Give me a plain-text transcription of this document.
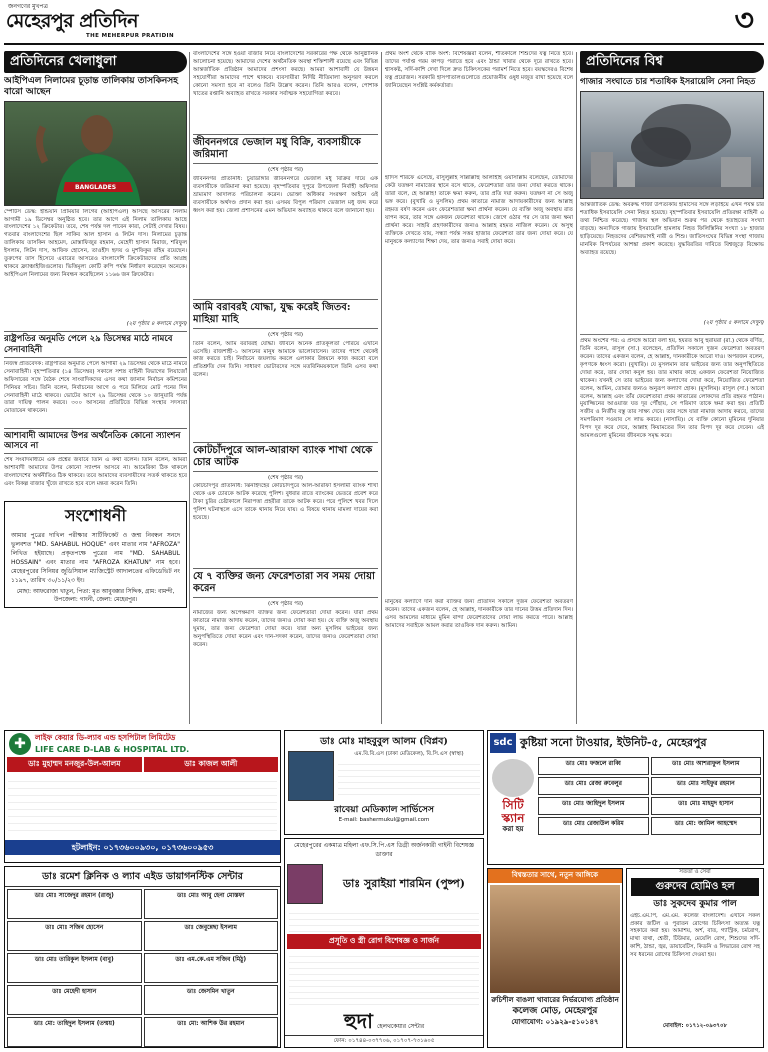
জনগণের মুখপত্র
মেহেরপুর প্রতিদিন
THE MEHERPUR PRATIDIN	৩
প্রতিদিনের খেলাধুলা
আইপিএল নিলামের চূড়ান্ত তালিকায় তাসকিনসহ বারো আছেন
BANGLADES
স্পোর্টস ডেস্ক: ইন্ডিয়ান প্রিমিয়ার লিগের (আইপিএল) আসছে আসরের নিলাম আগামী ১৯ ডিসেম্বর অনুষ্ঠিত হবে। তার আগে এই নিলাম তালিকায় আছে বাংলাদেশের ১২ ক্রিকেটার। তবে, শেষ পর্যন্ত দল পাবেন কারা, সেটাই দেখার বিষয়। গতবার বাংলাদেশের ছিল সাকিব আল হাসান ও লিটন দাস। নিলামের চূড়ান্ত তালিকায় তাসকিন আহমেদ, মোস্তাফিজুর রহমান, মেহেদী হাসান মিরাজ, শরিফুল ইসলাম, লিটন দাস, আফিফ হোসেন, তাওহীদ হৃদয় ও মুশফিকুর রহিম রয়েছেন। তুরুপের তাস হিসেবে এবারের আসরেও বাংলাদেশি ক্রিকেটারদের প্রতি আগ্রহ থাকবে ফ্র্যাঞ্চাইজিগুলোর। ভিত্তিমূল্য কোটি রুপি পর্যন্ত নির্ধারণ করেছেন অনেকে। আইপিএল নিলামের জন্য নিবন্ধন করেছিলেন ১১৬৬ জন ক্রিকেটার।
(২য় পৃষ্ঠার ৪ কলামে দেখুন)
রাষ্ট্রপতির অনুমতি পেলে ২৯ ডিসেম্বর মাঠে নামবে সেনাবাহিনী
নিজস্ব প্রতিবেদক: রাষ্ট্রপতির অনুমতি পেলে আগামী ২৯ ডিসেম্বর থেকে মাঠে নামবে সেনাবাহিনী। বৃহস্পতিবার (১৪ ডিসেম্বর) সকালে সশস্ত্র বাহিনী বিভাগের লিয়াজোঁ অফিসারের সঙ্গে বৈঠক শেষে সাংবাদিকদের এসব কথা জানান নির্বাচন কমিশনের সিনিয়র সচিব। তিনি বলেন, নির্বাচনের আগে ও পরে মিলিয়ে মোট পনের দিন সেনাবাহিনী মাঠে থাকবে। ভোটের আগে ২৯ ডিসেম্বর থেকে ১০ জানুয়ারি পর্যন্ত তারা দায়িত্ব পালন করবে। ৩০০ আসনের প্রতিটিতে বিভিন্ন সংস্থার সদস্যরা মোতায়েন থাকবেন।
আশাবাদী আমাদের উপর অর্থনৈতিক কোনো স্যাংশন আসবে না
শেষ সংবাদমাধ্যমে এক প্রশ্নের জবাবে তিনি এ কথা বলেন। তিনি বলেন, আমরা আশাবাদী আমাদের উপর কোনো স্যাংশন আসবে না। আমেরিকা ঠিক থাকলে বাংলাদেশের অর্থনীতিও ঠিক থাকবে। তবে আমাদের ব্যবসায়ীদের সতর্ক থাকতে হবে এবং বিকল্প বাজার খুঁজে রাখতে হবে বলে মন্তব্য করেন তিনি।
সংশোধনী
আমার পুত্রের দাখিল পরীক্ষার সার্টিফিকেট ও জন্ম নিবন্ধন সনদে ভুলবশত "MD. SAHABUL HOQUE" এবং মাতার নাম "AFROZA" লিখিত হইয়াছে। প্রকৃতপক্ষে পুত্রের নাম "MD. SAHABUL HOSSAIN" এবং মাতার নাম "AFROZA KHATUN" নাম হবে। মেহেরপুরের সিনিয়র জুডিসিয়াল ম্যাজিস্ট্রেট আদালতের এফিডেভিট নং ১১৯৭, তারিখ ৩০/১১/২৩ ইং।
মোছা: আফরোজা খাতুন, পিতা: মৃত আবুবক্কার সিদ্দিক, গ্রাম: বামন্দী, উপজেলা: গাংনী, জেলা: মেহেরপুর।
বাংলাদেশের সঙ্গে হওয়া বাজার নিয়ে বাংলাদেশের সরকারের পক্ষ থেকে আনুষ্ঠানিক আলোচনা হয়েছে। আমাদের দেশের অর্থনৈতিক অবস্থা শক্তিশালী রয়েছে এবং বিভিন্ন আন্তর্জাতিক প্রতিষ্ঠান আমাদের প্রশংসা করছে। আমরা আশাবাদী যে উন্নয়ন সহযোগীরা আমাদের পাশে থাকবে। ব্যবসায়ীরা নির্দিষ্ট নীতিমালা অনুসরণ করলে কোনো সমস্যা হবে না বলেও তিনি উল্লেখ করেন। তিনি আরও বলেন, পোশাক খাতের রপ্তানি অব্যাহত রাখতে সরকার সর্বাত্মক সহযোগিতা করবে।
জীবননগরে ভেজাল মধু বিক্রি, ব্যবসায়ীকে জরিমানা
(শেষ পৃষ্ঠার পর)
জীবননগর প্রতিনিধি: চুয়াডাঙ্গার জীবননগরে ভেজাল মধু বিক্রির দায়ে এক ব্যবসায়ীকে জরিমানা করা হয়েছে। বৃহস্পতিবার দুপুরে উপজেলা নির্বাহী অফিসার ভ্রাম্যমাণ আদালত পরিচালনা করেন। ভোক্তা অধিকার সংরক্ষণ আইনে ওই ব্যবসায়ীকে অর্থদণ্ড প্রদান করা হয়। এসময় বিপুল পরিমাণ ভেজাল মধু জব্দ করে ধ্বংস করা হয়। জেলা প্রশাসনের এমন অভিযান অব্যাহত থাকবে বলে জানানো হয়।
আমি বরাবরই যোদ্ধা, যুদ্ধ করেই জিতব: মাহিয়া মাহি
(শেষ পৃষ্ঠার পর)
তিনি বলেন, আমি বরাবরই যোদ্ধা। জীবনে অনেক প্রতিকূলতা পেরিয়ে এখানে এসেছি। রাজশাহী-১ আসনের মানুষ আমাকে ভালোবাসেন। তাদের পাশে থেকেই কাজ করতে চাই। নির্বাচনে জয়লাভ করলে এলাকার উন্নয়নে কাজ করবো বলে প্রতিশ্রুতি দেন তিনি। সাধারণ ভোটারদের সঙ্গে মতবিনিময়কালে তিনি এসব কথা বলেন।
কোটচাঁদপুরে আল-আরাফা ব্যাংক শাখা থেকে চোর আটক
(শেষ পৃষ্ঠার পর)
কোটচাঁদপুর প্রতিনিধি: ঝিনাইদহের কোটচাঁদপুরে আল-আরাফা ইসলামী ব্যাংক শাখা থেকে এক চোরকে আটক করেছে পুলিশ। বুধবার রাতে ব্যাংকের ভেতরে প্রবেশ করে টাকা চুরির চেষ্টাকালে নিরাপত্তা প্রহরীরা তাকে আটক করে। পরে পুলিশে খবর দিলে পুলিশ ঘটনাস্থলে এসে তাকে থানায় নিয়ে যায়। এ বিষয়ে থানায় মামলা দায়ের করা হয়েছে।
যে ৭ ব্যক্তির জন্য ফেরেশতারা সব সময় দোয়া করেন
(শেষ পৃষ্ঠার পর)
নামাজের জন্য অপেক্ষমাণ ব্যক্তির জন্য ফেরেশতারা দোয়া করেন। যারা প্রথম কাতারে নামাজ আদায় করেন, তাদের জন্যও দোয়া করা হয়। যে ব্যক্তি অজু অবস্থায় ঘুমায়, তার জন্য ফেরেশতা দোয়া করে। যারা অন্য মুসলিম ভাইয়ের জন্য অনুপস্থিতিতে দোয়া করেন এবং দান-সদকা করেন, তাদের জন্যও ফেরেশতারা দোয়া করেন।
প্রথম অংশ থেকে বাকি অংশ: বিশেষজ্ঞরা বলেন, শীতকালে শিশুদের যত্ন নিতে হবে। তাদের পর্যাপ্ত গরম কাপড় পরাতে হবে এবং ঠান্ডা খাবার থেকে দূরে রাখতে হবে। শ্বাসকষ্ট, সর্দি-কাশি দেখা দিলে দ্রুত চিকিৎসকের পরামর্শ নিতে হবে। বয়স্কদেরও বিশেষ যত্ন প্রয়োজন। সরকারি হাসপাতালগুলোতে প্রয়োজনীয় ওষুধ মজুত রাখা হয়েছে বলে জানিয়েছেন সংশ্লিষ্ট কর্মকর্তারা।
হাদিস শরিফে এসেছে, রাসুলুল্লাহ সাল্লাল্লাহু আলাইহি ওয়াসাল্লাম বলেছেন, তোমাদের কেউ যতক্ষণ নামাজের স্থানে বসে থাকে, ফেরেশতারা তার জন্য দোয়া করতে থাকে। তারা বলে, হে আল্লাহ! তাকে ক্ষমা করুন, তার প্রতি দয়া করুন। যতক্ষণ না সে অজু ভঙ্গ করে। (বুখারি ও মুসলিম) প্রথম কাতারে নামাজ আদায়কারীদের জন্য আল্লাহ রহমত বর্ষণ করেন এবং ফেরেশতারা ক্ষমা প্রার্থনা করেন। যে ব্যক্তি অজু অবস্থায় রাত যাপন করে, তার সঙ্গে একজন ফেরেশতা থাকে। জেগে ওঠার পর সে তার জন্য ক্ষমা প্রার্থনা করে। সাহরি গ্রহণকারীদের জন্যও আল্লাহ রহমত নাজিল করেন। যে অসুস্থ ব্যক্তিকে দেখতে যায়, সন্ধ্যা পর্যন্ত সত্তর হাজার ফেরেশতা তার জন্য দোয়া করে। যে মানুষকে কল্যাণের শিক্ষা দেয়, তার জন্যও সবাই দোয়া করে।
মানুষের কল্যাণে দান করা ব্যক্তির জন্য প্রতিদিন সকালে দুজন ফেরেশতা অবতরণ করেন। তাদের একজন বলেন, হে আল্লাহ, দানকারীকে তার দানের উত্তম প্রতিদান দিন। এসব আমলের মাধ্যমে মুমিন বান্দা ফেরেশতাদের দোয়া লাভ করতে পারে। আল্লাহ আমাদের সবাইকে আমল করার তাওফিক দান করুন। আমিন।
প্রতিদিনের বিশ্ব
গাজার সংঘাতে চার শতাধিক ইসরায়েলি সেনা নিহত
আন্তর্জাতিক ডেস্ক: অবরুদ্ধ গাজা উপত্যকায় হামাসের সঙ্গে লড়াইয়ে এখন পর্যন্ত চার শতাধিক ইসরায়েলি সেনা নিহত হয়েছে। বৃহস্পতিবার ইসরায়েলি প্রতিরক্ষা বাহিনী এ তথ্য নিশ্চিত করেছে। গাজায় স্থল অভিযান শুরুর পর থেকে হতাহতের সংখ্যা বাড়ছে। অন্যদিকে গাজায় ইসরায়েলি হামলায় নিহত ফিলিস্তিনির সংখ্যা ১৮ হাজার ছাড়িয়েছে। নিহতদের বেশিরভাগই নারী ও শিশু। জাতিসংঘের বিভিন্ন সংস্থা গাজায় মানবিক বিপর্যয়ের আশঙ্কা প্রকাশ করেছে। যুদ্ধবিরতির দাবিতে বিশ্বজুড়ে বিক্ষোভ অব্যাহত রয়েছে।
(২য় পৃষ্ঠার ৫ কলামে দেখুন)
প্রথম অংশের পর: এ প্রসঙ্গে আরো বলা হয়, হযরত আবু হুরায়রা (রা.) থেকে বর্ণিত, তিনি বলেন, রাসুল (সা.) বলেছেন, প্রতিদিন সকালে দুজন ফেরেশতা অবতরণ করেন। তাদের একজন বলেন, হে আল্লাহ, দানকারীকে আরো দাও। অপরজন বলেন, কৃপণকে ধ্বংস করো। (বুখারি)। যে মুসলমান তার ভাইয়ের জন্য তার অনুপস্থিতিতে দোয়া করে, তার দোয়া কবুল হয়। তার মাথার কাছে একজন ফেরেশতা নিয়োজিত থাকেন। যখনই সে তার ভাইয়ের জন্য কল্যাণের দোয়া করে, নিয়োজিত ফেরেশতা বলেন, আমিন, তোমার জন্যও অনুরূপ কল্যাণ হোক। (মুসলিম)। রাসুল (সা.) আরো বলেন, আল্লাহ এবং তাঁর ফেরেশতারা প্রথম কাতারের লোকদের প্রতি রহমত পাঠান। মুয়াজ্জিনের আওয়াজ যত দূর পৌঁছায়, সে পরিমাণ তাকে ক্ষমা করা হয়। প্রতিটি সজীব ও নির্জীব বস্তু তার সাক্ষ্য দেবে। তার সঙ্গে যারা নামাজ আদায় করবে, তাদের সমপরিমাণ সওয়াব সে লাভ করবে। (নাসায়ি)। যে ব্যক্তি কোনো মুমিনের দুনিয়ার বিপদ দূর করে দেবে, আল্লাহ কিয়ামতের দিন তার বিপদ দূর করে দেবেন। এই আমলগুলো মুমিনের জীবনকে সমৃদ্ধ করে।
✚	লাইফ কেয়ার ডি-ল্যাব এন্ড হসপিটাল লিমিটেড
LIFE CARE D-LAB & HOSPITAL LTD.
ডাঃ মুহাম্মদ মনজুর-উল-আলম	ডাঃ কাজল আলী
হটলাইন: ০১৭৩৬০০৯৩০, ০১৭৩৬০০৯৫৩
ডাঃ মোঃ মাহবুবুল আলম (বিপ্লব)
এম.বি.বি.এস (ঢাকা মেডিকেল), বি.সি.এস (স্বাস্থ্য)
রাবেয়া মেডিক্যাল সার্ভিসেস
E-mail: bashermukul@gmail.com
sdc কুষ্টিয়া সনো টাওয়ার, ইউনিট-৫, মেহেরপুর
সিটি স্ক্যান
করা হয়
ডাঃ মোঃ ফজলে রাব্বি	ডাঃ মোঃ আশরাফুল ইসলাম
ডাঃ মোঃ রেজা রুবেলুর	ডাঃ মোঃ সাইফুর রহমান
ডাঃ মোঃ জাহিদুল ইসলাম	ডাঃ মোঃ মাহমুদ হাসান
ডাঃ মোঃ রেজাউল করিম	ডাঃ মো: জামিল আহম্মেদ
ডাঃ রমেশ ক্লিনিক ও ল্যাব এইড ডায়াগনস্টিক সেন্টার
ডাঃ মোঃ সাজেদুর রহমান (রাজু)	ডাঃ মোঃ আবু হেনা মোস্তফা
ডাঃ মোঃ সজিব হোসেন	ডাঃ জেবুন্নেছা ইসলাম
ডাঃ মোঃ তারিকুল ইসলাম (বাবু)	ডাঃ এম.কে.এম সজিব (মিঠু)
ডাঃ মেহেদী হাসান	ডাঃ জেসমিন খাতুন
ডাঃ মো: তাহিদুল ইসলাম (তন্ময়)	ডাঃ মো: আশিক উর রহমান
মেহেরপুরের একমাত্র মহিলা এফ.সি.পি.এস ডিগ্রী অর্জনকারী গাইনী বিশেষজ্ঞ ডাক্তার
ডাঃ সুরাইয়া শারমিন (পুষ্প)
প্রসূতি ও স্ত্রী রোগ বিশেষজ্ঞ ও সার্জন
হুদা হেলথকেয়ার সেন্টার
ফোন: ০১৭৪৪-০৩৭৭০৬, ০১৭০৭-৭৩১৬০৫
বিশ্বস্ততার সাথে, নতুন আঙ্গিকে
রুচিশীল বাঙলা খাবারের নির্ভরযোগ্য প্রতিষ্ঠান
কলেজ মোড়, মেহেরপুর
যোগাযোগ: ০১৯২৯-৫১০১৪৭
সততা ও সেবা
গুরুদেব হোমিও হল
ডাঃ সুকদেব কুমার পাল
এইচ.এম.পি, এম.এম. কলেজ বাংলাদেশ। এখানে সকল প্রকার জটিল ও পুরাতন রোগের চিকিৎসা অত্যন্ত যত্ন সহকারে করা হয়। আমাশয়, অর্শ, বাত, গ্যাস্ট্রিক, চর্মরোগ, মাথা ব্যথা, শ্বেতী, টিউমার, মেয়েলি রোগ, শিশুদের সর্দি-কাশি, ঠান্ডা, জ্বর, ডায়াবেটিস, কিডনি ও লিভারের রোগ সহ সব ধরনের রোগের চিকিৎসা দেওয়া হয়।
মোবাইল: ০১৭১২-০৯৩৭০৮
